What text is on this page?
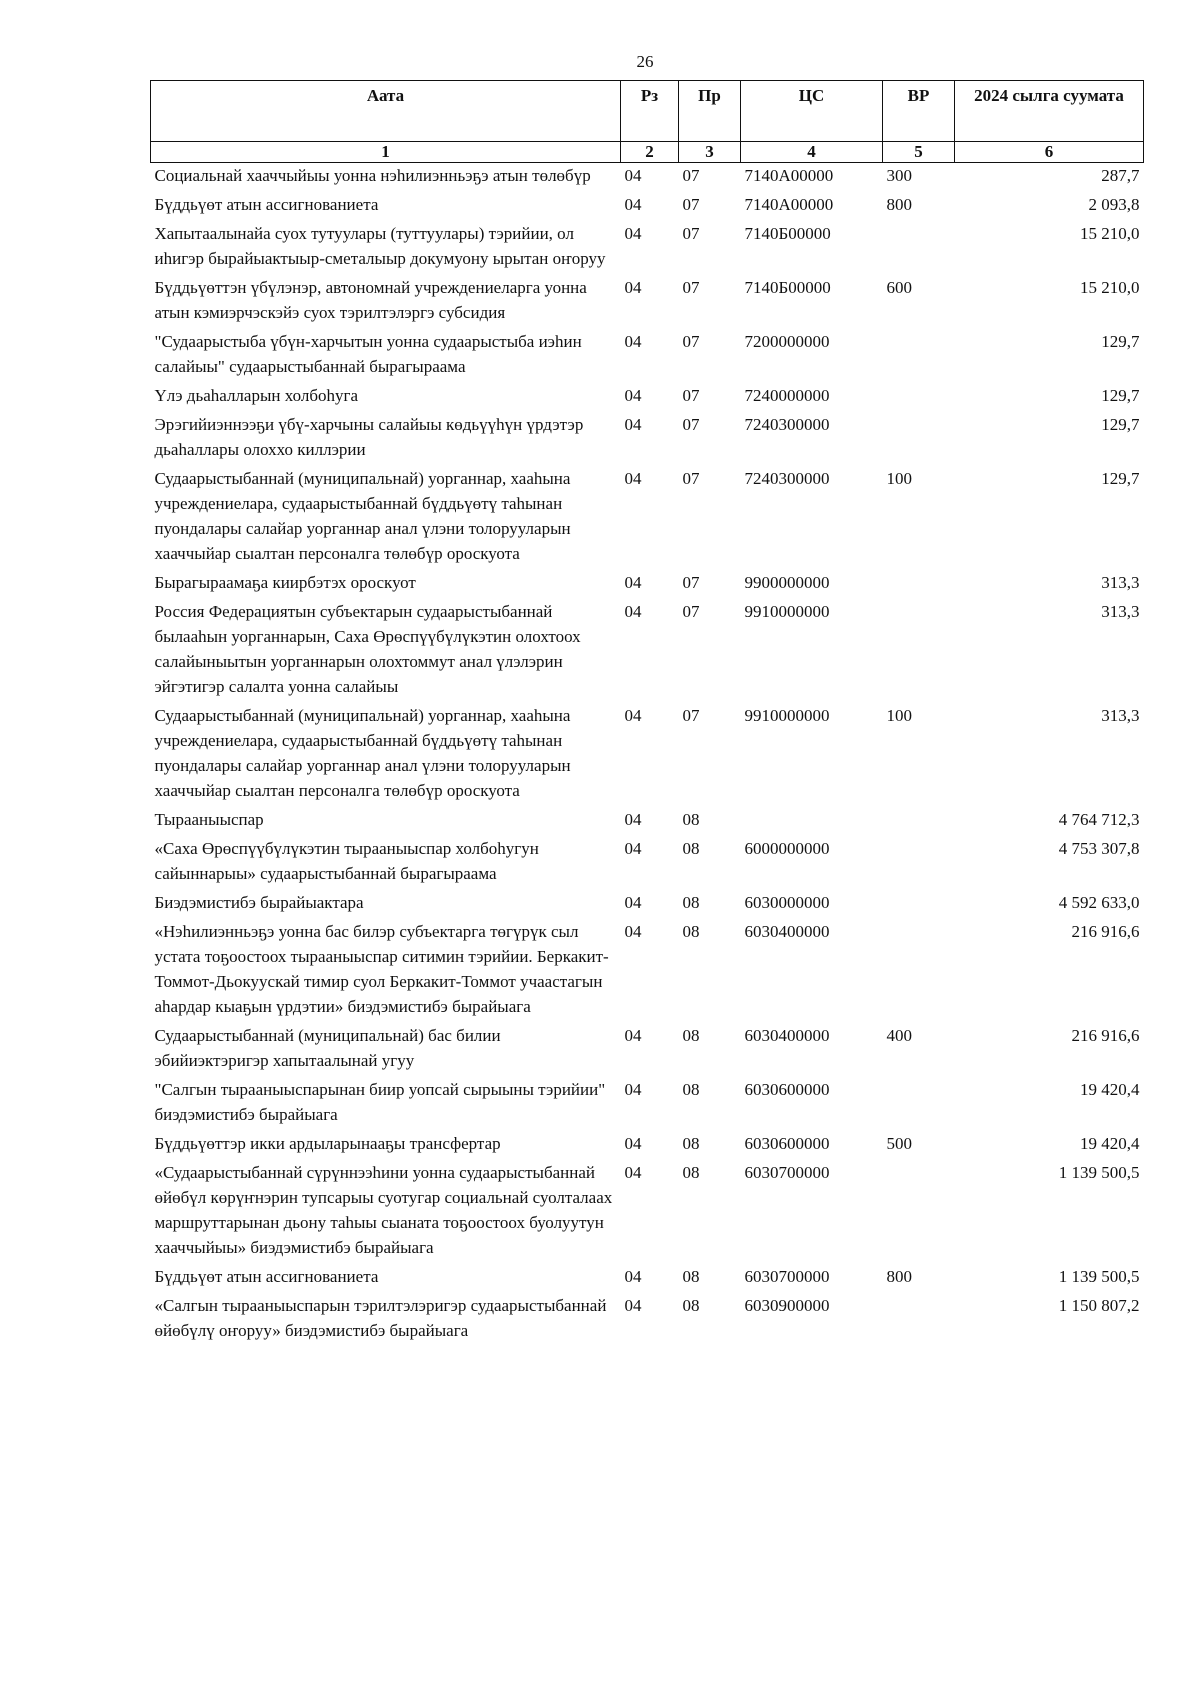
26
Аата	Рз	Пр	ЦС	ВР	2024 сылга суумата
1	2	3	4	5	6
Социальнай хааччыйыы уонна нэһилиэнньэҕэ атын төлөбүр	04	07	7140A00000	300	287,7
Бүддьүөт атын ассигнованиета	04	07	7140A00000	800	2 093,8
Хапытаалынайа суох тутуулары (туттуулары) тэрийии, ол иһигэр бырайыактыыр-сметалыыр докумуону ырытан оҥоруу	04	07	7140Б00000		15 210,0
Бүддьүөттэн үбүлэнэр, автономнай учреждениеларга уонна атын кэмиэрчэскэйэ суох тэрилтэлэргэ субсидия	04	07	7140Б00000	600	15 210,0
"Судаарыстыба үбүн-харчытын уонна судаарыстыба иэһин салайыы" судаарыстыбаннай бырагыраама	04	07	7200000000		129,7
Үлэ дьаһалларын холбоһуга	04	07	7240000000		129,7
Эрэгийиэннээҕи үбү-харчыны салайыы көдьүүһүн үрдэтэр дьаһаллары олоххо киллэрии	04	07	7240300000		129,7
Судаарыстыбаннай (муниципальнай) уорганнар, хааһына учреждениелара, судаарыстыбаннай бүддьүөтү таһынан пуондалары салайар уорганнар анал үлэни толорууларын хааччыйар сыалтан персоналга төлөбүр ороскуота	04	07	7240300000	100	129,7
Бырагыраамаҕа киирбэтэх ороскуот	04	07	9900000000		313,3
Россия Федерациятын субъектарын судаарыстыбаннай былааһын уорганнарын, Саха Өрөспүүбүлүкэтин олохтоох салайыныытын уорганнарын олохтоммут анал үлэлэрин эйгэтигэр салалта уонна салайыы	04	07	9910000000		313,3
Судаарыстыбаннай (муниципальнай) уорганнар, хааһына учреждениелара, судаарыстыбаннай бүддьүөтү таһынан пуондалары салайар уорганнар анал үлэни толорууларын хааччыйар сыалтан персоналга төлөбүр ороскуота	04	07	9910000000	100	313,3
Тырааныыспар	04	08			4 764 712,3
«Саха Өрөспүүбүлүкэтин тырааныыспар холбоһугун сайыннарыы» судаарыстыбаннай бырагыраама	04	08	6000000000		4 753 307,8
Биэдэмистибэ бырайыактара	04	08	6030000000		4 592 633,0
«Нэһилиэнньэҕэ уонна бас билэр субъектарга төгүрүк сыл устата тоҕоостоох тырааныыспар ситимин тэрийии. Беркакит-Томмот-Дьокуускай тимир суол Беркакит-Томмот учаастагын аһардар кыаҕын үрдэтии» биэдэмистибэ бырайыага	04	08	6030400000		216 916,6
Судаарыстыбаннай (муниципальнай) бас билии эбийиэктэригэр хапытаалынай угуу	04	08	6030400000	400	216 916,6
"Салгын тырааныыспарынан биир уопсай сырыыны тэрийии" биэдэмистибэ бырайыага	04	08	6030600000		19 420,4
Бүддьүөттэр икки ардыларынааҕы трансфертар	04	08	6030600000	500	19 420,4
«Судаарыстыбаннай сүрүннээһини уонна судаарыстыбаннай өйөбүл көрүҥнэрин тупсарыы суотугар социальнай суолталаах маршруттарынан дьону таһыы сыаната тоҕоостоох буолуутун хааччыйыы» биэдэмистибэ бырайыага	04	08	6030700000		1 139 500,5
Бүддьүөт атын ассигнованиета	04	08	6030700000	800	1 139 500,5
«Салгын тырааныыспарын тэрилтэлэригэр судаарыстыбаннай өйөбүлү оҥоруу» биэдэмистибэ бырайыага	04	08	6030900000		1 150 807,2
